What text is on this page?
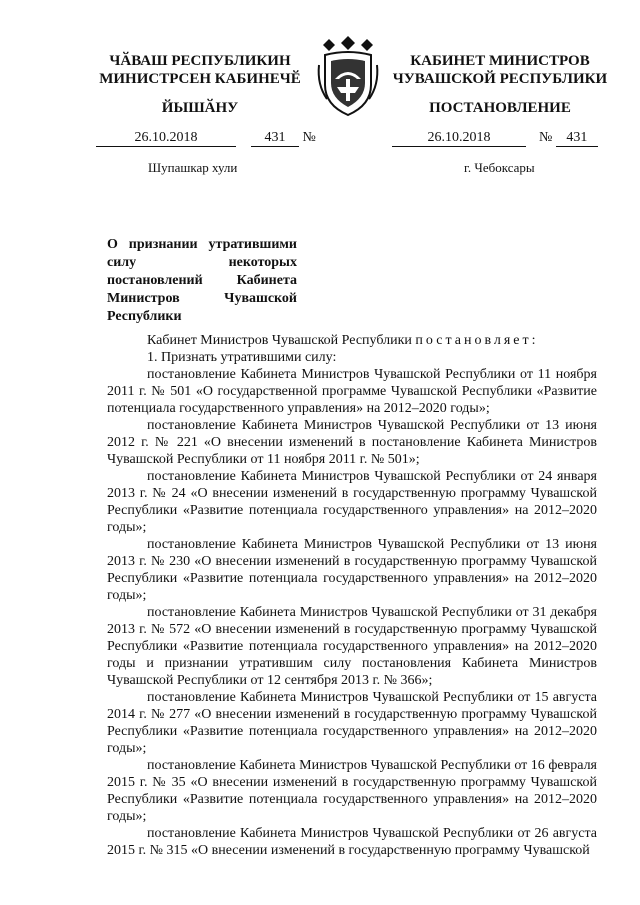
ЧӐВАШ РЕСПУБЛИКИН
МИНИСТРСЕН КАБИНЕЧӖ
КАБИНЕТ МИНИСТРОВ
ЧУВАШСКОЙ РЕСПУБЛИКИ
ЙЫШӐНУ	ПОСТАНОВЛЕНИЕ
26.10.2018	431 №	26.10.2018	№ 431
Шупашкар хули	г. Чебоксары
О признании утратившими силу некоторых постановлений Кабинета Министров Чувашской Республики

Кабинет Министров Чувашской Республики постановляет:

1. Признать утратившими силу:

постановление Кабинета Министров Чувашской Республики от 11 ноября 2011 г. № 501 «О государственной программе Чувашской Республики «Развитие потенциала государственного управления» на 2012–2020 годы»;

постановление Кабинета Министров Чувашской Республики от 13 июня 2012 г. № 221 «О внесении изменений в постановление Кабинета Министров Чувашской Республики от 11 ноября 2011 г. № 501»;

постановление Кабинета Министров Чувашской Республики от 24 января 2013 г. № 24 «О внесении изменений в государственную программу Чувашской Республики «Развитие потенциала государственного управления» на 2012–2020 годы»;

постановление Кабинета Министров Чувашской Республики от 13 июня 2013 г. № 230 «О внесении изменений в государственную программу Чувашской Республики «Развитие потенциала государственного управления» на 2012–2020 годы»;

постановление Кабинета Министров Чувашской Республики от 31 декабря 2013 г. № 572 «О внесении изменений в государственную программу Чувашской Республики «Развитие потенциала государственного управления» на 2012–2020 годы и признании утратившим силу постановления Кабинета Министров Чувашской Республики от 12 сентября 2013 г. № 366»;

постановление Кабинета Министров Чувашской Республики от 15 августа 2014 г. № 277 «О внесении изменений в государственную программу Чувашской Республики «Развитие потенциала государственного управления» на 2012–2020 годы»;

постановление Кабинета Министров Чувашской Республики от 16 февраля 2015 г. № 35 «О внесении изменений в государственную программу Чувашской Республики «Развитие потенциала государственного управления» на 2012–2020 годы»;

постановление Кабинета Министров Чувашской Республики от 26 августа 2015 г. № 315 «О внесении изменений в государственную программу Чувашской
